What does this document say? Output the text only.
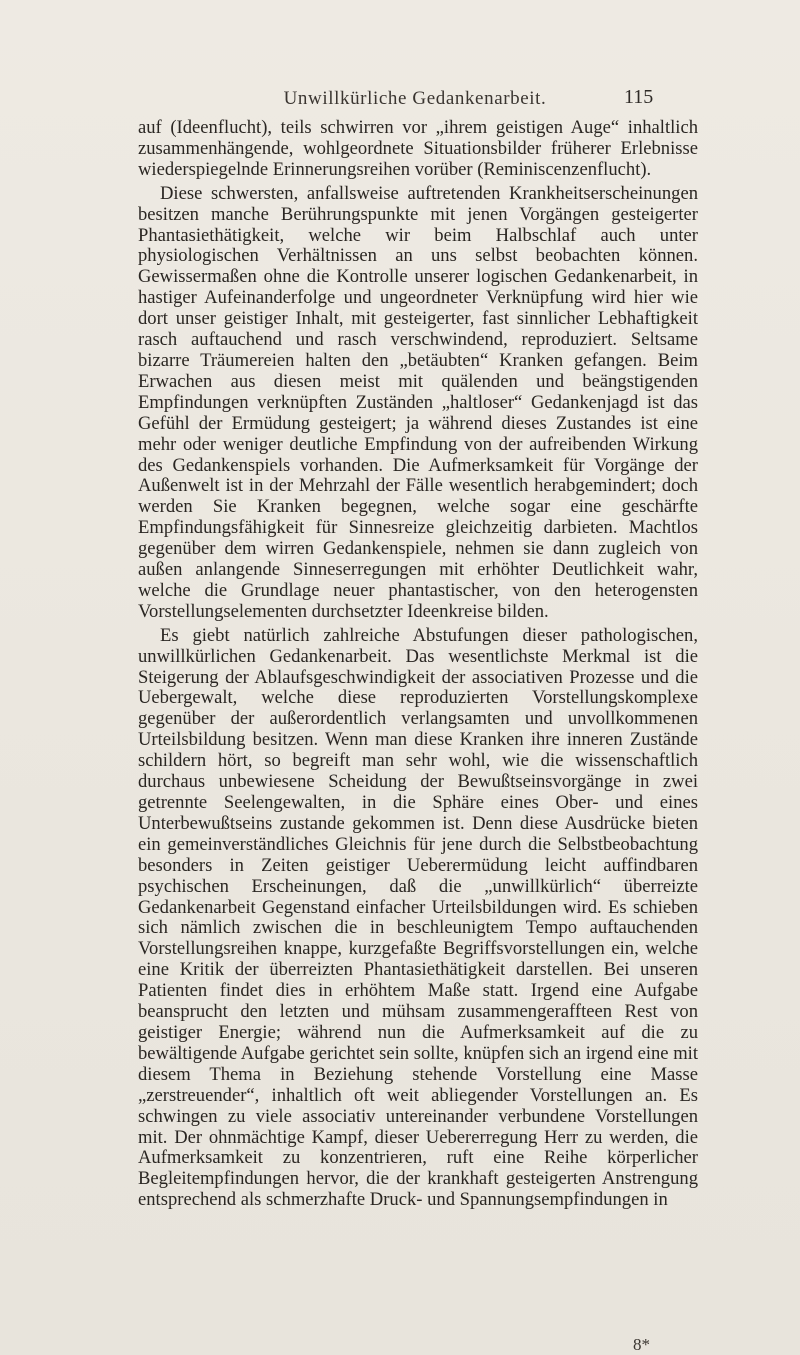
Unwillkürliche Gedankenarbeit.	115

auf (Ideenflucht), teils schwirren vor „ihrem geistigen Auge“ inhaltlich zusammenhängende, wohlgeordnete Situationsbilder früherer Erlebnisse wiederspiegelnde Erinnerungsreihen vorüber (Reminiscenzenflucht).

Diese schwersten, anfallsweise auftretenden Krankheitserscheinungen besitzen manche Berührungspunkte mit jenen Vorgängen gesteigerter Phantasiethätigkeit, welche wir beim Halbschlaf auch unter physiologischen Verhältnissen an uns selbst beobachten können. Gewissermaßen ohne die Kontrolle unserer logischen Gedankenarbeit, in hastiger Aufeinanderfolge und ungeordneter Verknüpfung wird hier wie dort unser geistiger Inhalt, mit gesteigerter, fast sinnlicher Lebhaftigkeit rasch auftauchend und rasch verschwindend, reproduziert. Seltsame bizarre Träumereien halten den „betäubten“ Kranken gefangen. Beim Erwachen aus diesen meist mit quälenden und beängstigenden Empfindungen verknüpften Zuständen „haltloser“ Gedankenjagd ist das Gefühl der Ermüdung gesteigert; ja während dieses Zustandes ist eine mehr oder weniger deutliche Empfindung von der aufreibenden Wirkung des Gedankenspiels vorhanden. Die Aufmerksamkeit für Vorgänge der Außenwelt ist in der Mehrzahl der Fälle wesentlich herabgemindert; doch werden Sie Kranken begegnen, welche sogar eine geschärfte Empfindungsfähigkeit für Sinnesreize gleichzeitig darbieten. Machtlos gegenüber dem wirren Gedankenspiele, nehmen sie dann zugleich von außen anlangende Sinneserregungen mit erhöhter Deutlichkeit wahr, welche die Grundlage neuer phantastischer, von den heterogensten Vorstellungselementen durchsetzter Ideenkreise bilden.

Es giebt natürlich zahlreiche Abstufungen dieser pathologischen, unwillkürlichen Gedankenarbeit. Das wesentlichste Merkmal ist die Steigerung der Ablaufsgeschwindigkeit der associativen Prozesse und die Uebergewalt, welche diese reproduzierten Vorstellungskomplexe gegenüber der außerordentlich verlangsamten und unvollkommenen Urteilsbildung besitzen. Wenn man diese Kranken ihre inneren Zustände schildern hört, so begreift man sehr wohl, wie die wissenschaftlich durchaus unbewiesene Scheidung der Bewußtseinsvorgänge in zwei getrennte Seelengewalten, in die Sphäre eines Ober- und eines Unterbewußtseins zustande gekommen ist. Denn diese Ausdrücke bieten ein gemeinverständliches Gleichnis für jene durch die Selbstbeobachtung besonders in Zeiten geistiger Ueberermüdung leicht auffindbaren psychischen Erscheinungen, daß die „unwillkürlich“ überreizte Gedankenarbeit Gegenstand einfacher Urteilsbildungen wird. Es schieben sich nämlich zwischen die in beschleunigtem Tempo auftauchenden Vorstellungsreihen knappe, kurzgefaßte Begriffsvorstellungen ein, welche eine Kritik der überreizten Phantasiethätigkeit darstellen. Bei unseren Patienten findet dies in erhöhtem Maße statt. Irgend eine Aufgabe beansprucht den letzten und mühsam zusammengeraffteen Rest von geistiger Energie; während nun die Aufmerksamkeit auf die zu bewältigende Aufgabe gerichtet sein sollte, knüpfen sich an irgend eine mit diesem Thema in Beziehung stehende Vorstellung eine Masse „zerstreuender“, inhaltlich oft weit abliegender Vorstellungen an. Es schwingen zu viele associativ untereinander verbundene Vorstellungen mit. Der ohnmächtige Kampf, dieser Uebererregung Herr zu werden, die Aufmerksamkeit zu konzentrieren, ruft eine Reihe körperlicher Begleitempfindungen hervor, die der krankhaft gesteigerten Anstrengung entsprechend als schmerzhafte Druck- und Spannungsempfindungen in

8*
